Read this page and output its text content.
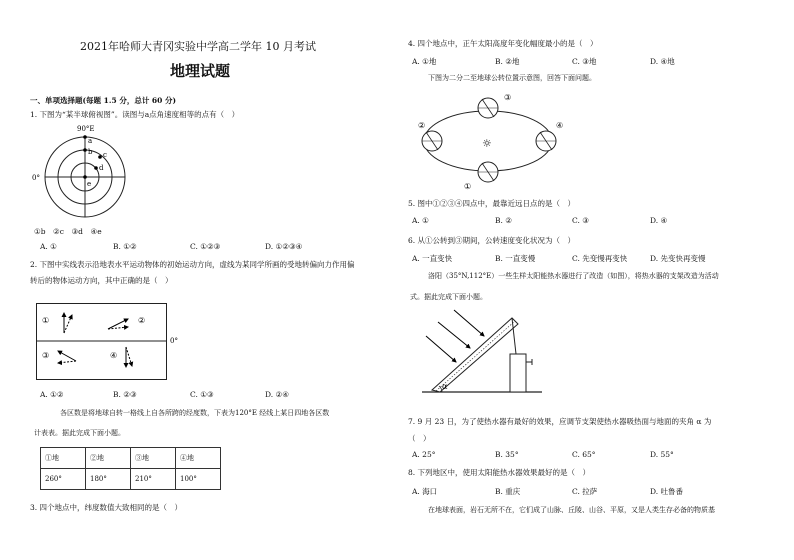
2021年哈师大青冈实验中学高二学年 10 月考试
地理试题
一、单项选择题(每题 1.5 分，总计 60 分)
1. 下图为“某半球俯视图”。读图与a点角速度相等的点有（　）
90°E
0°
a
b c
d
e
①b　②c　③d　④e
A. ①	B. ①②	C. ①②③	D. ①②③④
2. 下图中实线表示沿地表水平运动物体的初始运动方向，虚线为某同学所画的受地转偏向力作用偏
转后的物体运动方向，其中正确的是（　）
0°
①	②
③	④
A. ①②	B. ②③	C. ①③	D. ②④
各区数是将地球自转一格线上自各所跨的经度数，下表为120°E 经线上某日四地各区数
计表表。据此完成下面小题。
①地	②地	③地	④地
260°	180°	210°	100°
3. 四个地点中，纬度数值大致相同的是（　）
4. 四个地点中，正午太阳高度年变化幅度最小的是（　）
A. ①地	B. ②地	C. ③地	D. ④地
下图为二分二至地球公转位置示意图，回答下面问题。
☼
①
②
③
④
5. 图中①②③④四点中，最靠近远日点的是（　）
A. ①	B. ②	C. ③	D. ④
6. 从①公转到③期间，公转速度变化状况为（　）
A. 一直变快	B. 一直变慢	C. 先变慢再变快	D. 先变快再变慢
洛阳（35°N,112°E）一些生样太阳能热水器进行了改造（如图），将热水器的支架改造为活动
式。据此完成下面小题。
α
7. 9 月 23 日，为了使热水器有最好的效果，应调节支架使热水器吸热面与地面的夹角 α 为
（　）
A. 25°	B. 35°	C. 65°	D. 55°
8. 下列地区中，使用太阳能热水器效果最好的是（　）
A. 海口	B. 重庆	C. 拉萨	D. 吐鲁番
在地球表面，岩石无所不在，它们成了山脉、丘陵、山谷、平原，又是人类生存必备的物质基
